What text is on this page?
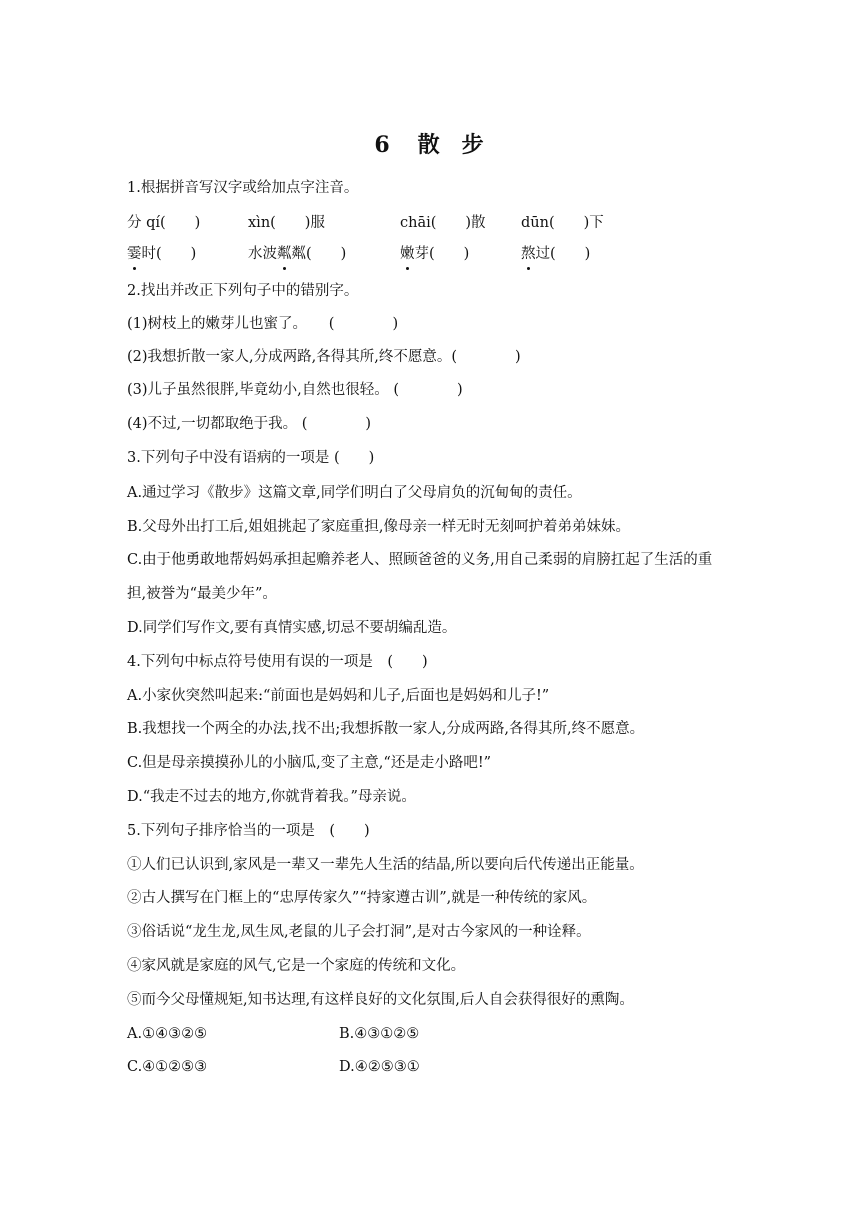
6 散 步
1.根据拼音写汉字或给加点字注音。
分 qí(　　)	xìn(　　)服	chāi(　　)散 dūn(　　)下
霎时(　　)	水波粼粼(　　)	嫩芽(　　)	熬过(　　)
2.找出并改正下列句子中的错别字。
(1)树枝上的嫩芽儿也蜜了。　　(　　　　)
(2)我想折散一家人,分成两路,各得其所,终不愿意。(　　　　)
(3)儿子虽然很胖,毕竟幼小,自然也很轻。 (　　　　)
(4)不过,一切都取绝于我。 (　　　　)
3.下列句子中没有语病的一项是 (　　)
A.通过学习《散步》这篇文章,同学们明白了父母肩负的沉甸甸的责任。
B.父母外出打工后,姐姐挑起了家庭重担,像母亲一样无时无刻呵护着弟弟妹妹。
C.由于他勇敢地帮妈妈承担起赡养老人、照顾爸爸的义务,用自己柔弱的肩膀扛起了生活的重
担,被誉为“最美少年”。
D.同学们写作文,要有真情实感,切忌不要胡编乱造。
4.下列句中标点符号使用有误的一项是　(　　)
A.小家伙突然叫起来:“前面也是妈妈和儿子,后面也是妈妈和儿子!”
B.我想找一个两全的办法,找不出;我想拆散一家人,分成两路,各得其所,终不愿意。
C.但是母亲摸摸孙儿的小脑瓜,变了主意,“还是走小路吧!”
D.“我走不过去的地方,你就背着我。”母亲说。
5.下列句子排序恰当的一项是　(　　)
①人们已认识到,家风是一辈又一辈先人生活的结晶,所以要向后代传递出正能量。
②古人撰写在门框上的“忠厚传家久”“持家遵古训”,就是一种传统的家风。
③俗话说“龙生龙,凤生凤,老鼠的儿子会打洞”,是对古今家风的一种诠释。
④家风就是家庭的风气,它是一个家庭的传统和文化。
⑤而今父母懂规矩,知书达理,有这样良好的文化氛围,后人自会获得很好的熏陶。
A.①④③②⑤	B.④③①②⑤
C.④①②⑤③	D.④②⑤③①
